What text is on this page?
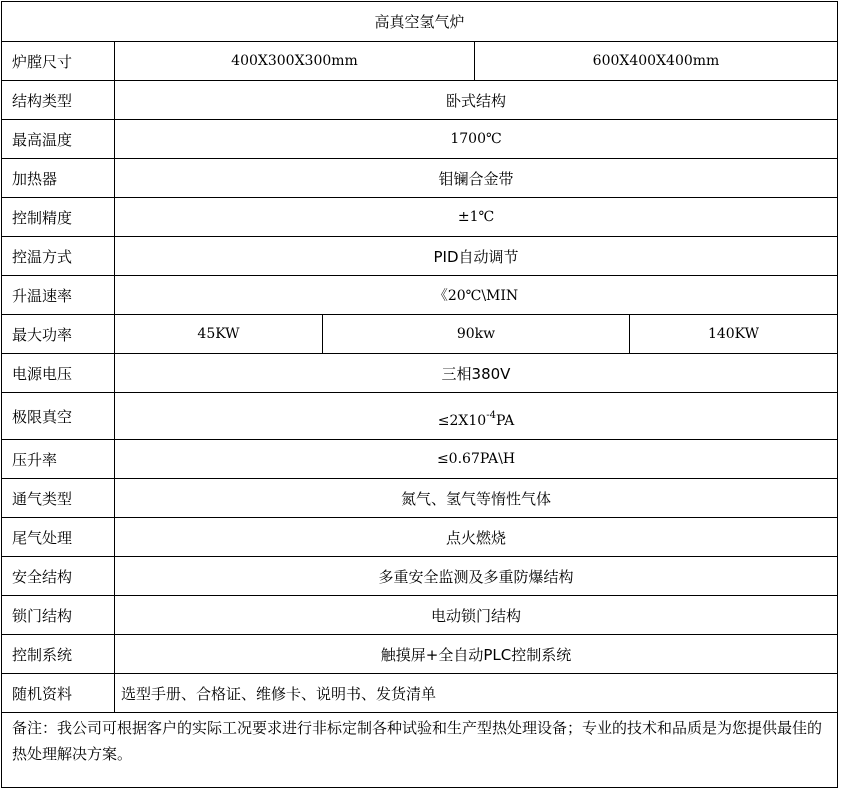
高真空氢气炉				
炉膛尺寸	400X300X300mm		600X400X400mm	
结构类型	卧式结构			
最高温度	1700℃			
加热器	钼镧合金带			
控制精度	±1℃			
控温方式	PID自动调节			
升温速率	《20℃\MIN			
最大功率	45KW	90kw		140KW
电源电压	三相380V			
极限真空	$\le 2X10^{-4}PA$			
压升率	≤0.67PA\H			
通气类型	氮气、氢气等惰性气体			
尾气处理	点火燃烧			
安全结构	多重安全监测及多重防爆结构			
锁门结构	电动锁门结构			
控制系统	触摸屏+全自动PLC控制系统			
随机资料	选型手册、合格证、维修卡、说明书、发货清单			
备注：我公司可根据客户的实际工况要求进行非标定制各种试验和生产型热处理设备；专业的技术和品质是为您提供最佳的热处理解决方案。				
